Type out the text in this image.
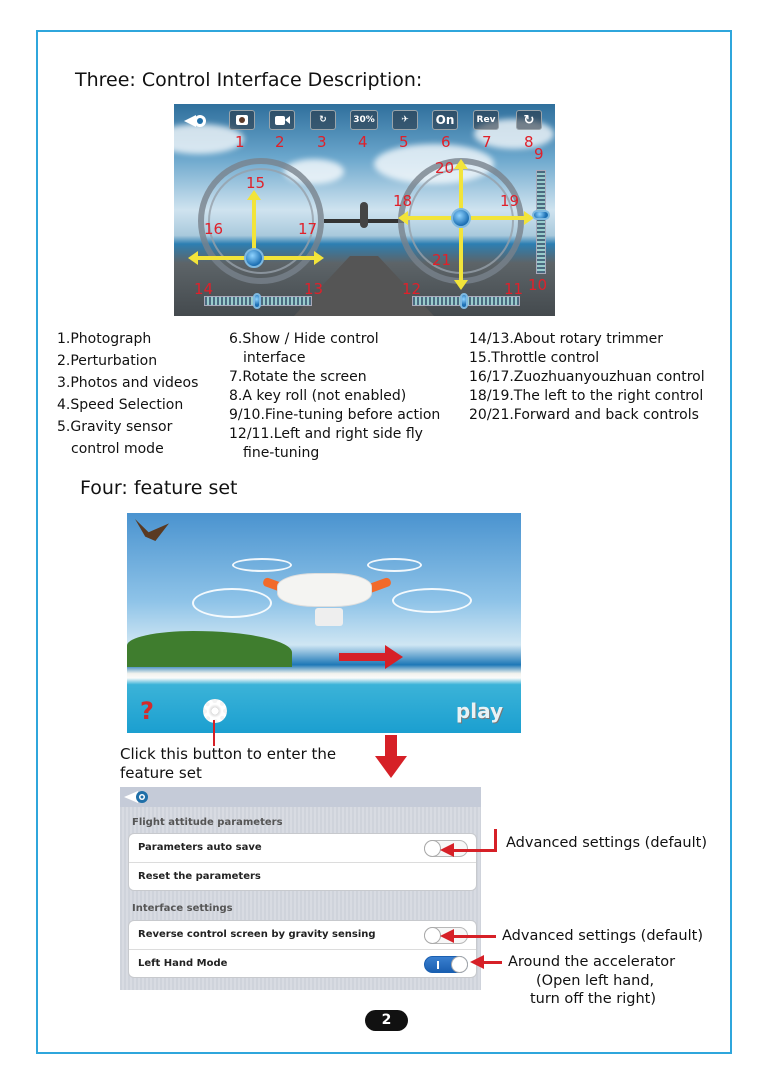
Three: Control Interface Description:
↻	30%	✈	On	Rev	↻
1 2 3 4 5 6 7 8
15
16	17
20
18	19
21
9
10
14	13	12	11
1.Photograph
2.Perturbation
3.Photos and videos
4.Speed Selection
5.Gravity sensor
control mode
6.Show / Hide control
interface
7.Rotate the screen
8.A key roll (not enabled)
9/10.Fine-tuning before action
12/11.Left and right side fly
fine-tuning
14/13.About rotary trimmer
15.Throttle control
16/17.Zuozhuanyouzhuan control
18/19.The left to the right control
20/21.Forward and back controls
Four: feature set
?	play
Click this button to enter the
feature set
Flight attitude parameters
Parameters auto save
Reset the parameters
Interface settings
Reverse control screen by gravity sensing
Left Hand Mode
Advanced settings (default)
Advanced settings (default)
Around the accelerator
(Open left hand,
turn off the right)
2
